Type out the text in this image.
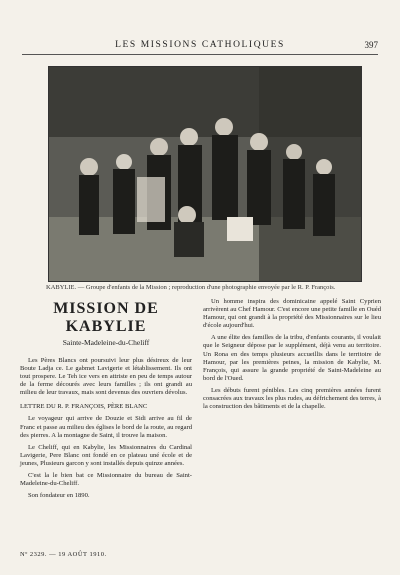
LES MISSIONS CATHOLIQUES	397
KABYLIE. — Groupe d'enfants de la Mission ; reproduction d'une photographie envoyée par le R. P. François.
MISSION DE KABYLIE
Sainte-Madeleine-du-Cheliff

Les Pères Blancs ont poursuivi leur plus désireux de leur Boute Ladja ce. Le gabmet Lavigerie et létablissement. Ils ont tout prospere. Le Teh ice vers en attriste en peu de temps autour de la ferme décourés avec leurs familles ; ils ont grandi au milieu de leur travaux, mais sont devenus des ouvriers dévolus.

LETTRE DU R. P. FRANÇOIS, PÈRE BLANC

Le voyageur qui arrive de Douzie et Sidi arrive au fil de Franc et passe au milieu des églises le bord de la route, au regard des pierres. A la montagne de Saint, il trouve la maison.

Le Cheliff, qui en Kabylie, les Missionnaires du Cardinal Lavigerie, Pere Blanc ont fondé en ce plateau uné école et de jeunes, Plusieurs garcon y sont installés depuis quinze années.

C'est la le bien bat ce Missionnaire du bureau de Saint-Madeleine-du-Cheliff.

Son fondateur en 1890.

Un homme inspira des dominicaine appelé Saint Cyprien arrivèrent au Chef Hamour. C'est encore une petite famille en Ouéd Hamour, qui ont grandi à la propriété des Missionnaires sur le lieu d'école aujourd'hui.

A une élite des familles de la tribu, d'enfants courants, il voulait que le Seigneur dépose par le supplément, déjà venu au territoire. Un Rona en des temps plusieurs accueillis dans le territoire de Hamour, par les premières peines, la mission de Kabylie, M. François, qui assure la grande propriété de Saint-Madeleine au bord de l'Oued.

Les débuts furent pénibles. Les cinq premières années furent consacrées aux travaux les plus rudes, au défrichement des terres, à la construction des bâtiments et de la chapelle.

Nº 2329. — 19 AOÛT 1910.
